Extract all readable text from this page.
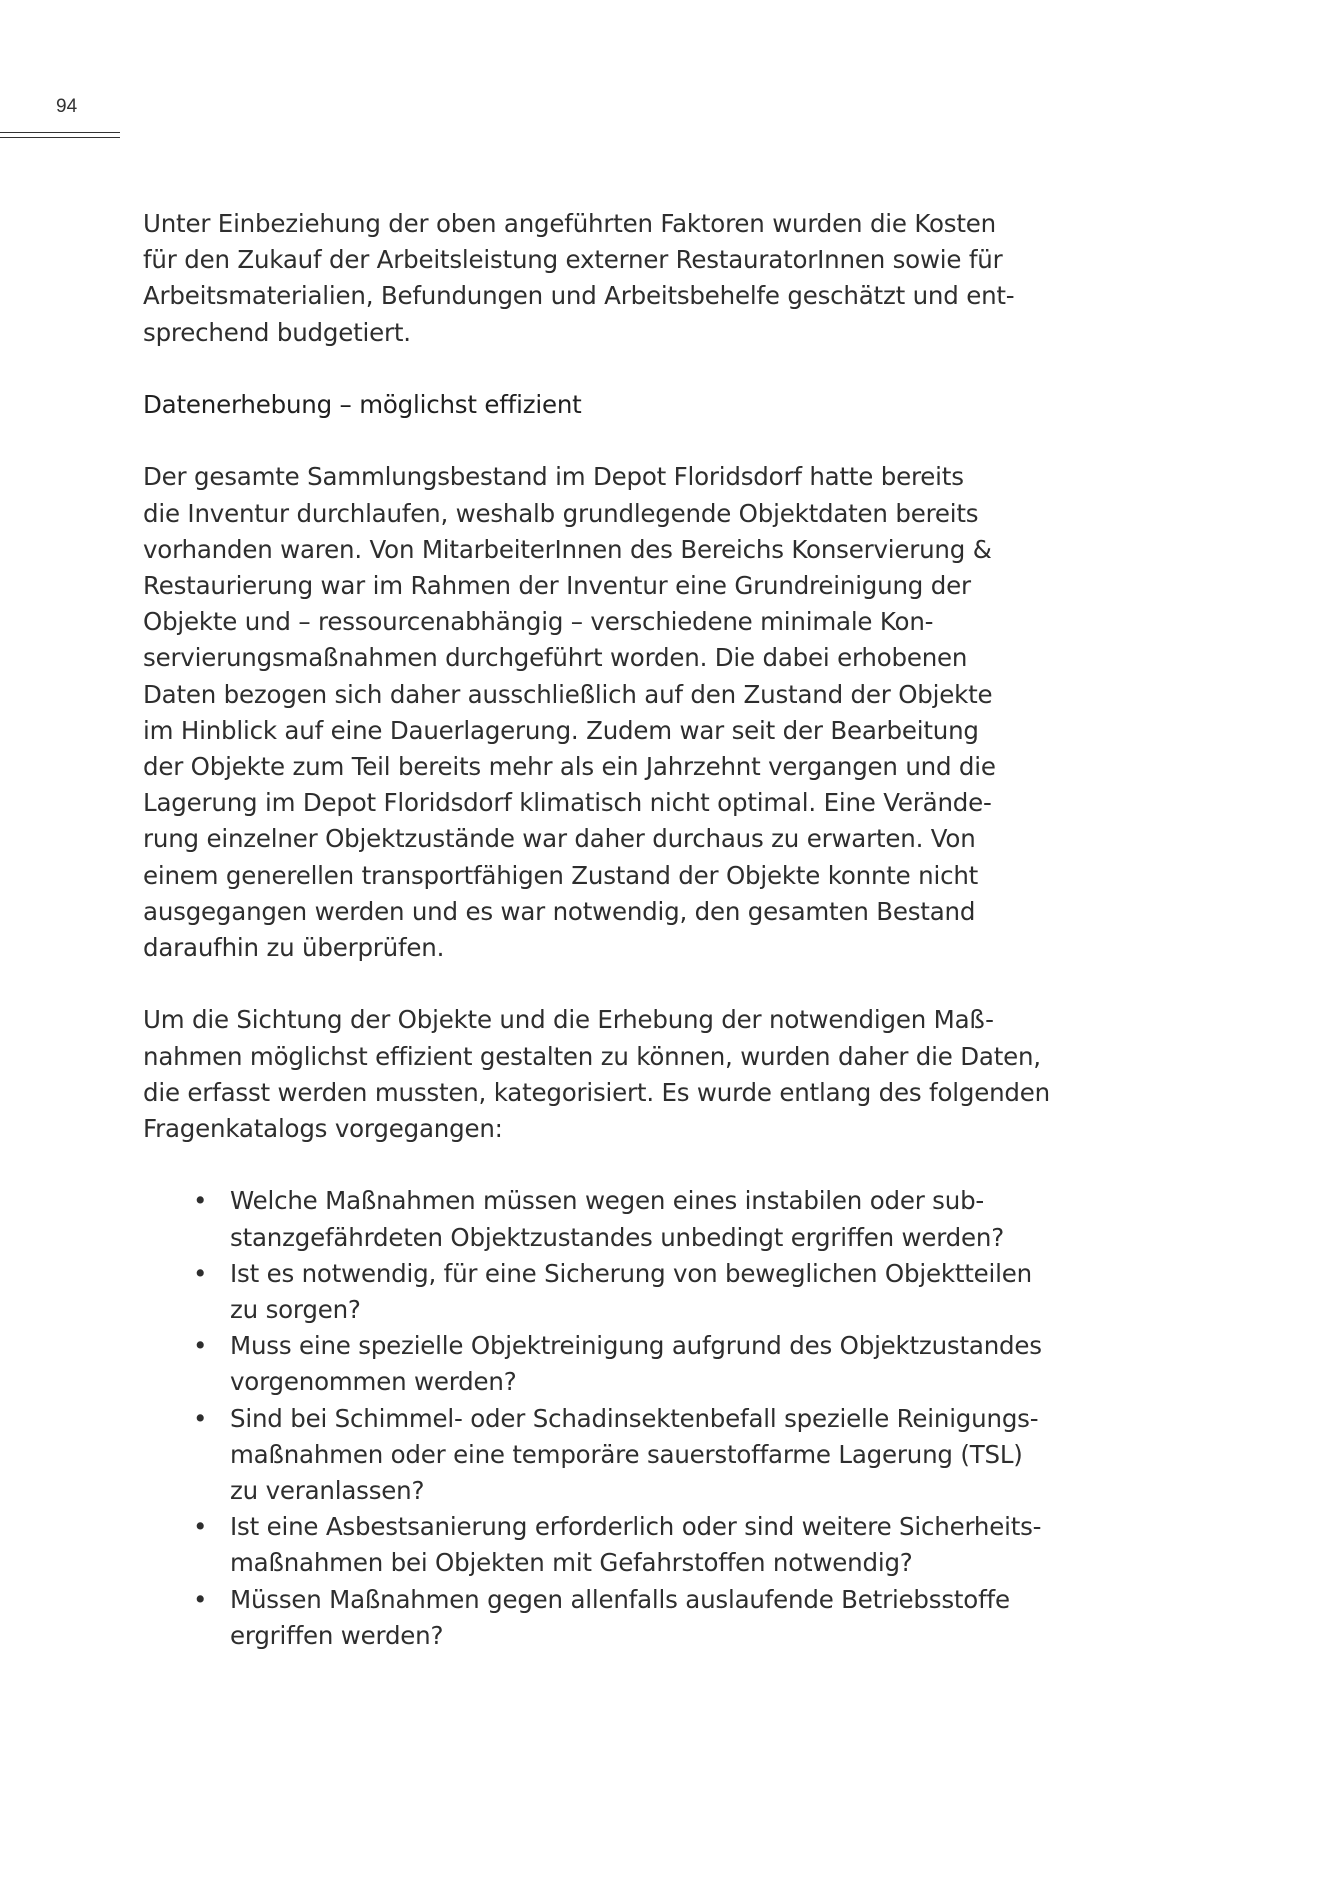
94

Unter Einbeziehung der oben angeführten Faktoren wurden die Kosten
für den Zukauf der Arbeitsleistung externer RestauratorInnen sowie für
Arbeitsmaterialien, Befundungen und Arbeitsbehelfe geschätzt und ent-
sprechend budgetiert.

Datenerhebung – möglichst effizient

Der gesamte Sammlungsbestand im Depot Floridsdorf hatte bereits
die Inventur durchlaufen, weshalb grundlegende Objektdaten bereits
vorhanden waren. Von MitarbeiterInnen des Bereichs Konservierung &
Restaurierung war im Rahmen der Inventur eine Grundreinigung der
Objekte und – ressourcenabhängig – verschiedene minimale Kon-
servierungsmaßnahmen durchgeführt worden. Die dabei erhobenen
Daten bezogen sich daher ausschließlich auf den Zustand der Objekte
im Hinblick auf eine Dauerlagerung. Zudem war seit der Bearbeitung
der Objekte zum Teil bereits mehr als ein Jahrzehnt vergangen und die
Lagerung im Depot Floridsdorf klimatisch nicht optimal. Eine Verände-
rung einzelner Objektzustände war daher durchaus zu erwarten. Von
einem generellen transportfähigen Zustand der Objekte konnte nicht
ausgegangen werden und es war notwendig, den gesamten Bestand
daraufhin zu überprüfen.

Um die Sichtung der Objekte und die Erhebung der notwendigen Maß-
nahmen möglichst effizient gestalten zu können, wurden daher die Daten,
die erfasst werden mussten, kategorisiert. Es wurde entlang des folgenden
Fragenkatalogs vorgegangen:

• Welche Maßnahmen müssen wegen eines instabilen oder sub-
stanzgefährdeten Objektzustandes unbedingt ergriffen werden?
• Ist es notwendig, für eine Sicherung von beweglichen Objektteilen
zu sorgen?
• Muss eine spezielle Objektreinigung aufgrund des Objektzustandes
vorgenommen werden?
• Sind bei Schimmel- oder Schadinsektenbefall spezielle Reinigungs-
maßnahmen oder eine temporäre sauerstoffarme Lagerung (TSL)
zu veranlassen?
• Ist eine Asbestsanierung erforderlich oder sind weitere Sicherheits-
maßnahmen bei Objekten mit Gefahrstoffen notwendig?
• Müssen Maßnahmen gegen allenfalls auslaufende Betriebsstoffe
ergriffen werden?
